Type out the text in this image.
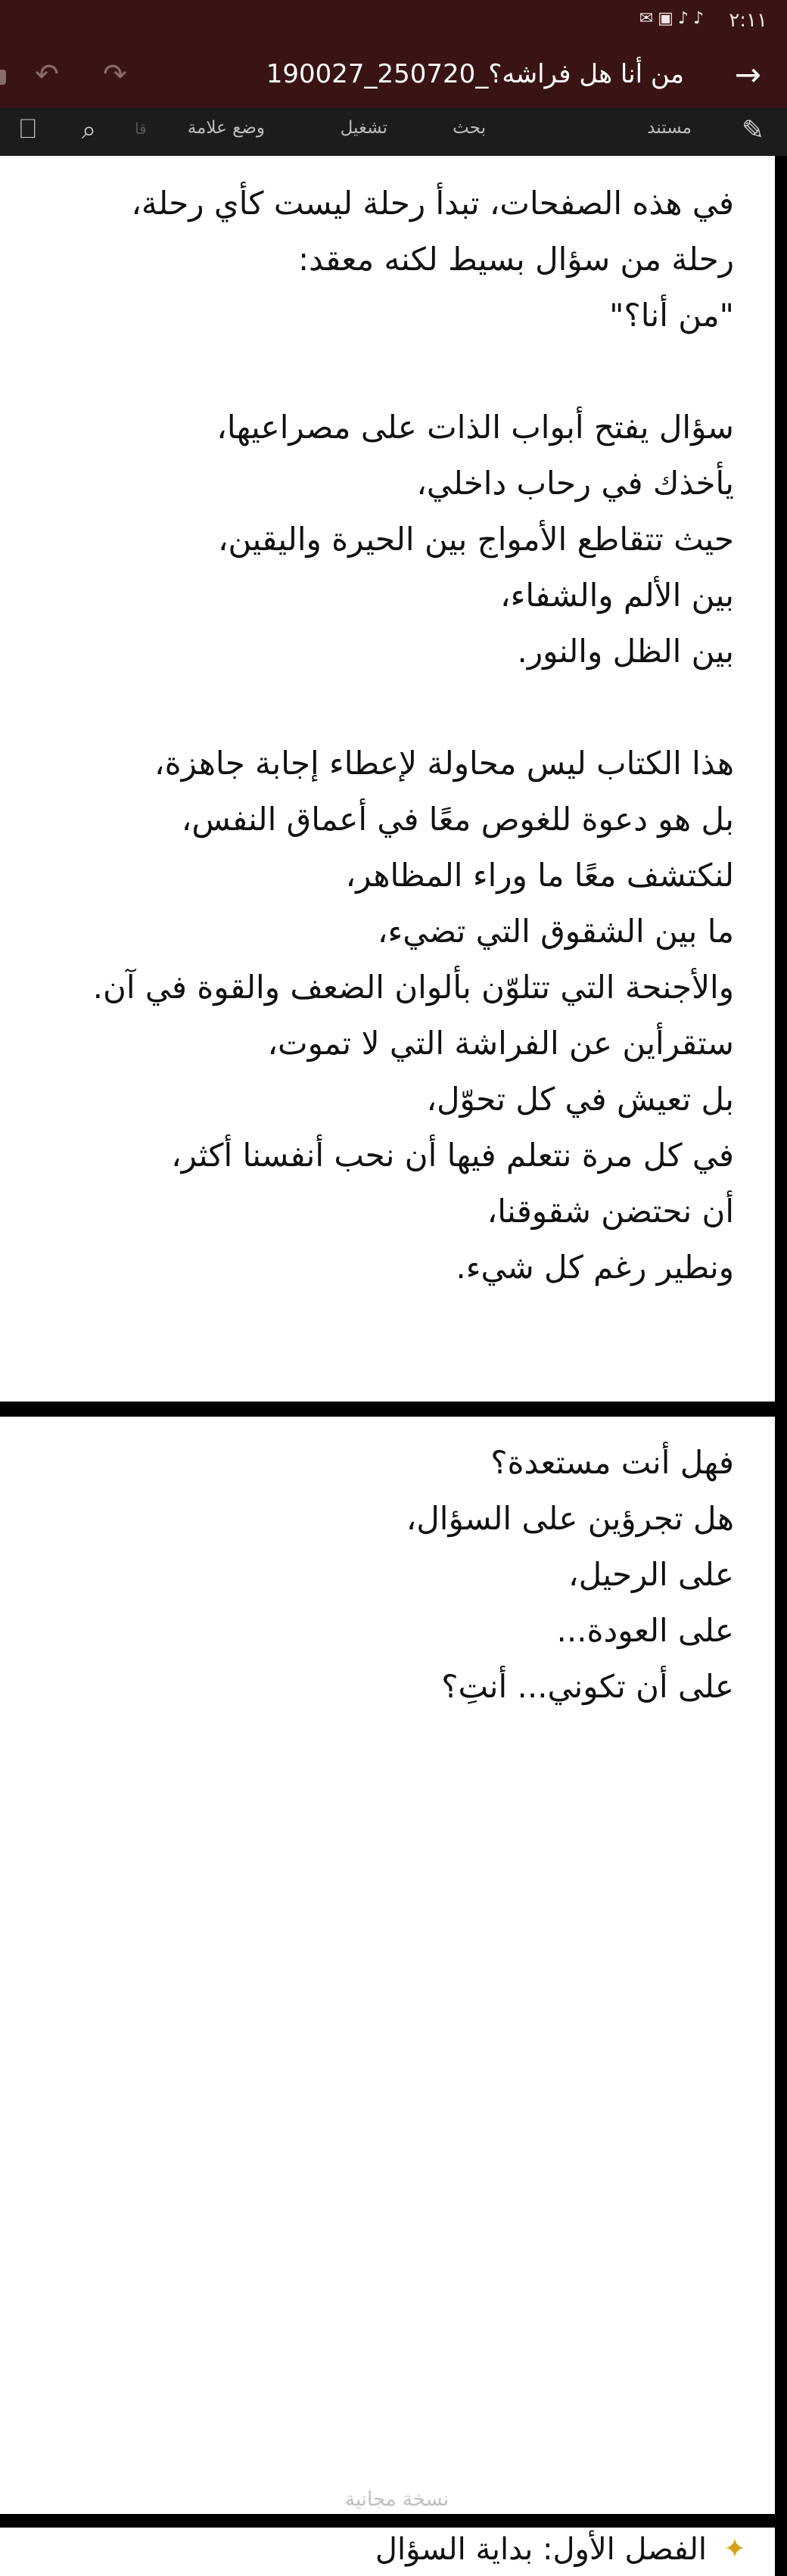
✉▣♪♪ ٢:١١
↶ ↷	من أنا هل فراشه؟_250720_190027 →
✎
مستند
بحث
تشغيل
وضع علامة
قا
⌕
⎕
في هذه الصفحات، تبدأ رحلة ليست كأي رحلة،
رحلة من سؤال بسيط لكنه معقد:
"من أنا؟"
سؤال يفتح أبواب الذات على مصراعيها،
يأخذك في رحاب داخلي،
حيث تتقاطع الأمواج بين الحيرة واليقين،
بين الألم والشفاء،
بين الظل والنور.
هذا الكتاب ليس محاولة لإعطاء إجابة جاهزة،
بل هو دعوة للغوص معًا في أعماق النفس،
لنكتشف معًا ما وراء المظاهر،
ما بين الشقوق التي تضيء،
والأجنحة التي تتلوّن بألوان الضعف والقوة في آن.
ستقرأين عن الفراشة التي لا تموت،
بل تعيش في كل تحوّل،
في كل مرة نتعلم فيها أن نحب أنفسنا أكثر،
أن نحتضن شقوقنا،
ونطير رغم كل شيء.
فهل أنت مستعدة؟
هل تجرؤين على السؤال،
على الرحيل،
على العودة...
على أن تكوني... أنتِ؟
نسخة مجانية
✦
الفصل الأول: بداية السؤال
